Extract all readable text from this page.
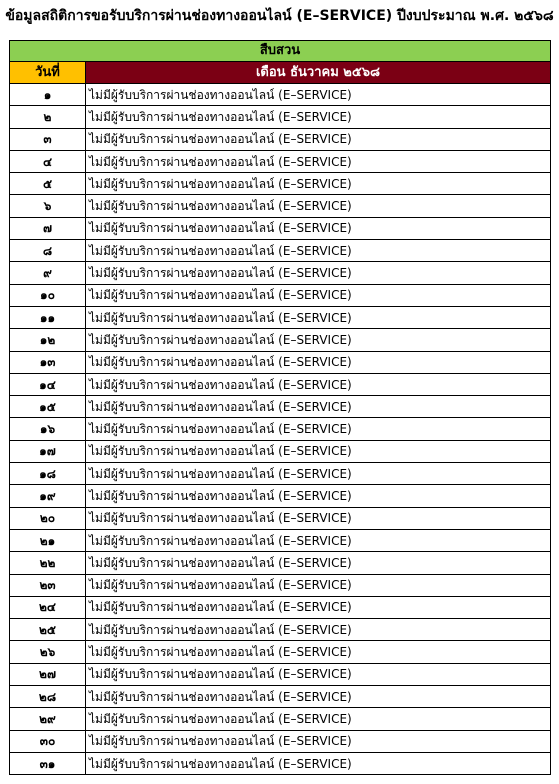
ข้อมูลสถิติการขอรับบริการผ่านช่องทางออนไลน์ (E–SERVICE) ปีงบประมาณ พ.ศ. ๒๕๖๘
สืบสวน	
วันที่	เดือน ธันวาคม ๒๕๖๘
๑	ไม่มีผู้รับบริการผ่านช่องทางออนไลน์ (E–SERVICE)
๒	ไม่มีผู้รับบริการผ่านช่องทางออนไลน์ (E–SERVICE)
๓	ไม่มีผู้รับบริการผ่านช่องทางออนไลน์ (E–SERVICE)
๔	ไม่มีผู้รับบริการผ่านช่องทางออนไลน์ (E–SERVICE)
๕	ไม่มีผู้รับบริการผ่านช่องทางออนไลน์ (E–SERVICE)
๖	ไม่มีผู้รับบริการผ่านช่องทางออนไลน์ (E–SERVICE)
๗	ไม่มีผู้รับบริการผ่านช่องทางออนไลน์ (E–SERVICE)
๘	ไม่มีผู้รับบริการผ่านช่องทางออนไลน์ (E–SERVICE)
๙	ไม่มีผู้รับบริการผ่านช่องทางออนไลน์ (E–SERVICE)
๑๐	ไม่มีผู้รับบริการผ่านช่องทางออนไลน์ (E–SERVICE)
๑๑	ไม่มีผู้รับบริการผ่านช่องทางออนไลน์ (E–SERVICE)
๑๒	ไม่มีผู้รับบริการผ่านช่องทางออนไลน์ (E–SERVICE)
๑๓	ไม่มีผู้รับบริการผ่านช่องทางออนไลน์ (E–SERVICE)
๑๔	ไม่มีผู้รับบริการผ่านช่องทางออนไลน์ (E–SERVICE)
๑๕	ไม่มีผู้รับบริการผ่านช่องทางออนไลน์ (E–SERVICE)
๑๖	ไม่มีผู้รับบริการผ่านช่องทางออนไลน์ (E–SERVICE)
๑๗	ไม่มีผู้รับบริการผ่านช่องทางออนไลน์ (E–SERVICE)
๑๘	ไม่มีผู้รับบริการผ่านช่องทางออนไลน์ (E–SERVICE)
๑๙	ไม่มีผู้รับบริการผ่านช่องทางออนไลน์ (E–SERVICE)
๒๐	ไม่มีผู้รับบริการผ่านช่องทางออนไลน์ (E–SERVICE)
๒๑	ไม่มีผู้รับบริการผ่านช่องทางออนไลน์ (E–SERVICE)
๒๒	ไม่มีผู้รับบริการผ่านช่องทางออนไลน์ (E–SERVICE)
๒๓	ไม่มีผู้รับบริการผ่านช่องทางออนไลน์ (E–SERVICE)
๒๔	ไม่มีผู้รับบริการผ่านช่องทางออนไลน์ (E–SERVICE)
๒๕	ไม่มีผู้รับบริการผ่านช่องทางออนไลน์ (E–SERVICE)
๒๖	ไม่มีผู้รับบริการผ่านช่องทางออนไลน์ (E–SERVICE)
๒๗	ไม่มีผู้รับบริการผ่านช่องทางออนไลน์ (E–SERVICE)
๒๘	ไม่มีผู้รับบริการผ่านช่องทางออนไลน์ (E–SERVICE)
๒๙	ไม่มีผู้รับบริการผ่านช่องทางออนไลน์ (E–SERVICE)
๓๐	ไม่มีผู้รับบริการผ่านช่องทางออนไลน์ (E–SERVICE)
๓๑	ไม่มีผู้รับบริการผ่านช่องทางออนไลน์ (E–SERVICE)
